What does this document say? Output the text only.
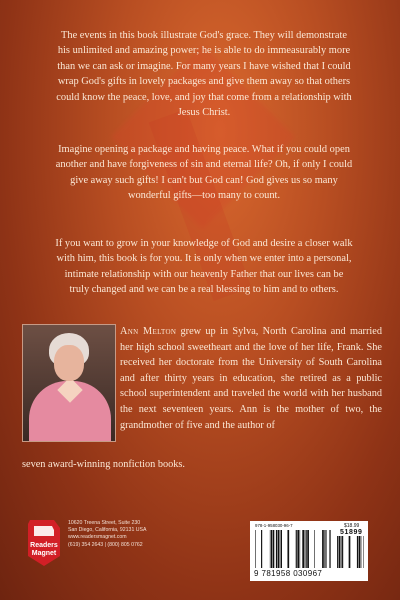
The events in this book illustrate God's grace. They will demonstrate his unlimited and amazing power; he is able to do immeasurably more than we can ask or imagine. For many years I have wished that I could wrap God's gifts in lovely packages and give them away so that others could know the peace, love, and joy that come from a relationship with Jesus Christ.

Imagine opening a package and having peace. What if you could open another and have forgiveness of sin and eternal life? Oh, if only I could give away such gifts! I can't but God can! God gives us so many wonderful gifts—too many to count.

If you want to grow in your knowledge of God and desire a closer walk with him, this book is for you. It is only when we enter into a personal, intimate relationship with our heavenly Father that our lives can be truly changed and we can be a real blessing to him and to others.

Ann Melton grew up in Sylva, North Carolina and married her high school sweetheart and the love of her life, Frank. She received her doctorate from the University of South Carolina and after thirty years in education, she retired as a public school superintendent and traveled the world with her husband the next seventeen years. Ann is the mother of two, the grandmother of five and the author of

seven award-winning nonfiction books.

Readers
Magnet
10620 Treena Street, Suite 230
San Diego, California, 92131 USA
www.readersmagnet.com
(619) 354 2643 | (800) 805 0762
978-1-958030-96-7	$18.99
51899
9 781958 030967
